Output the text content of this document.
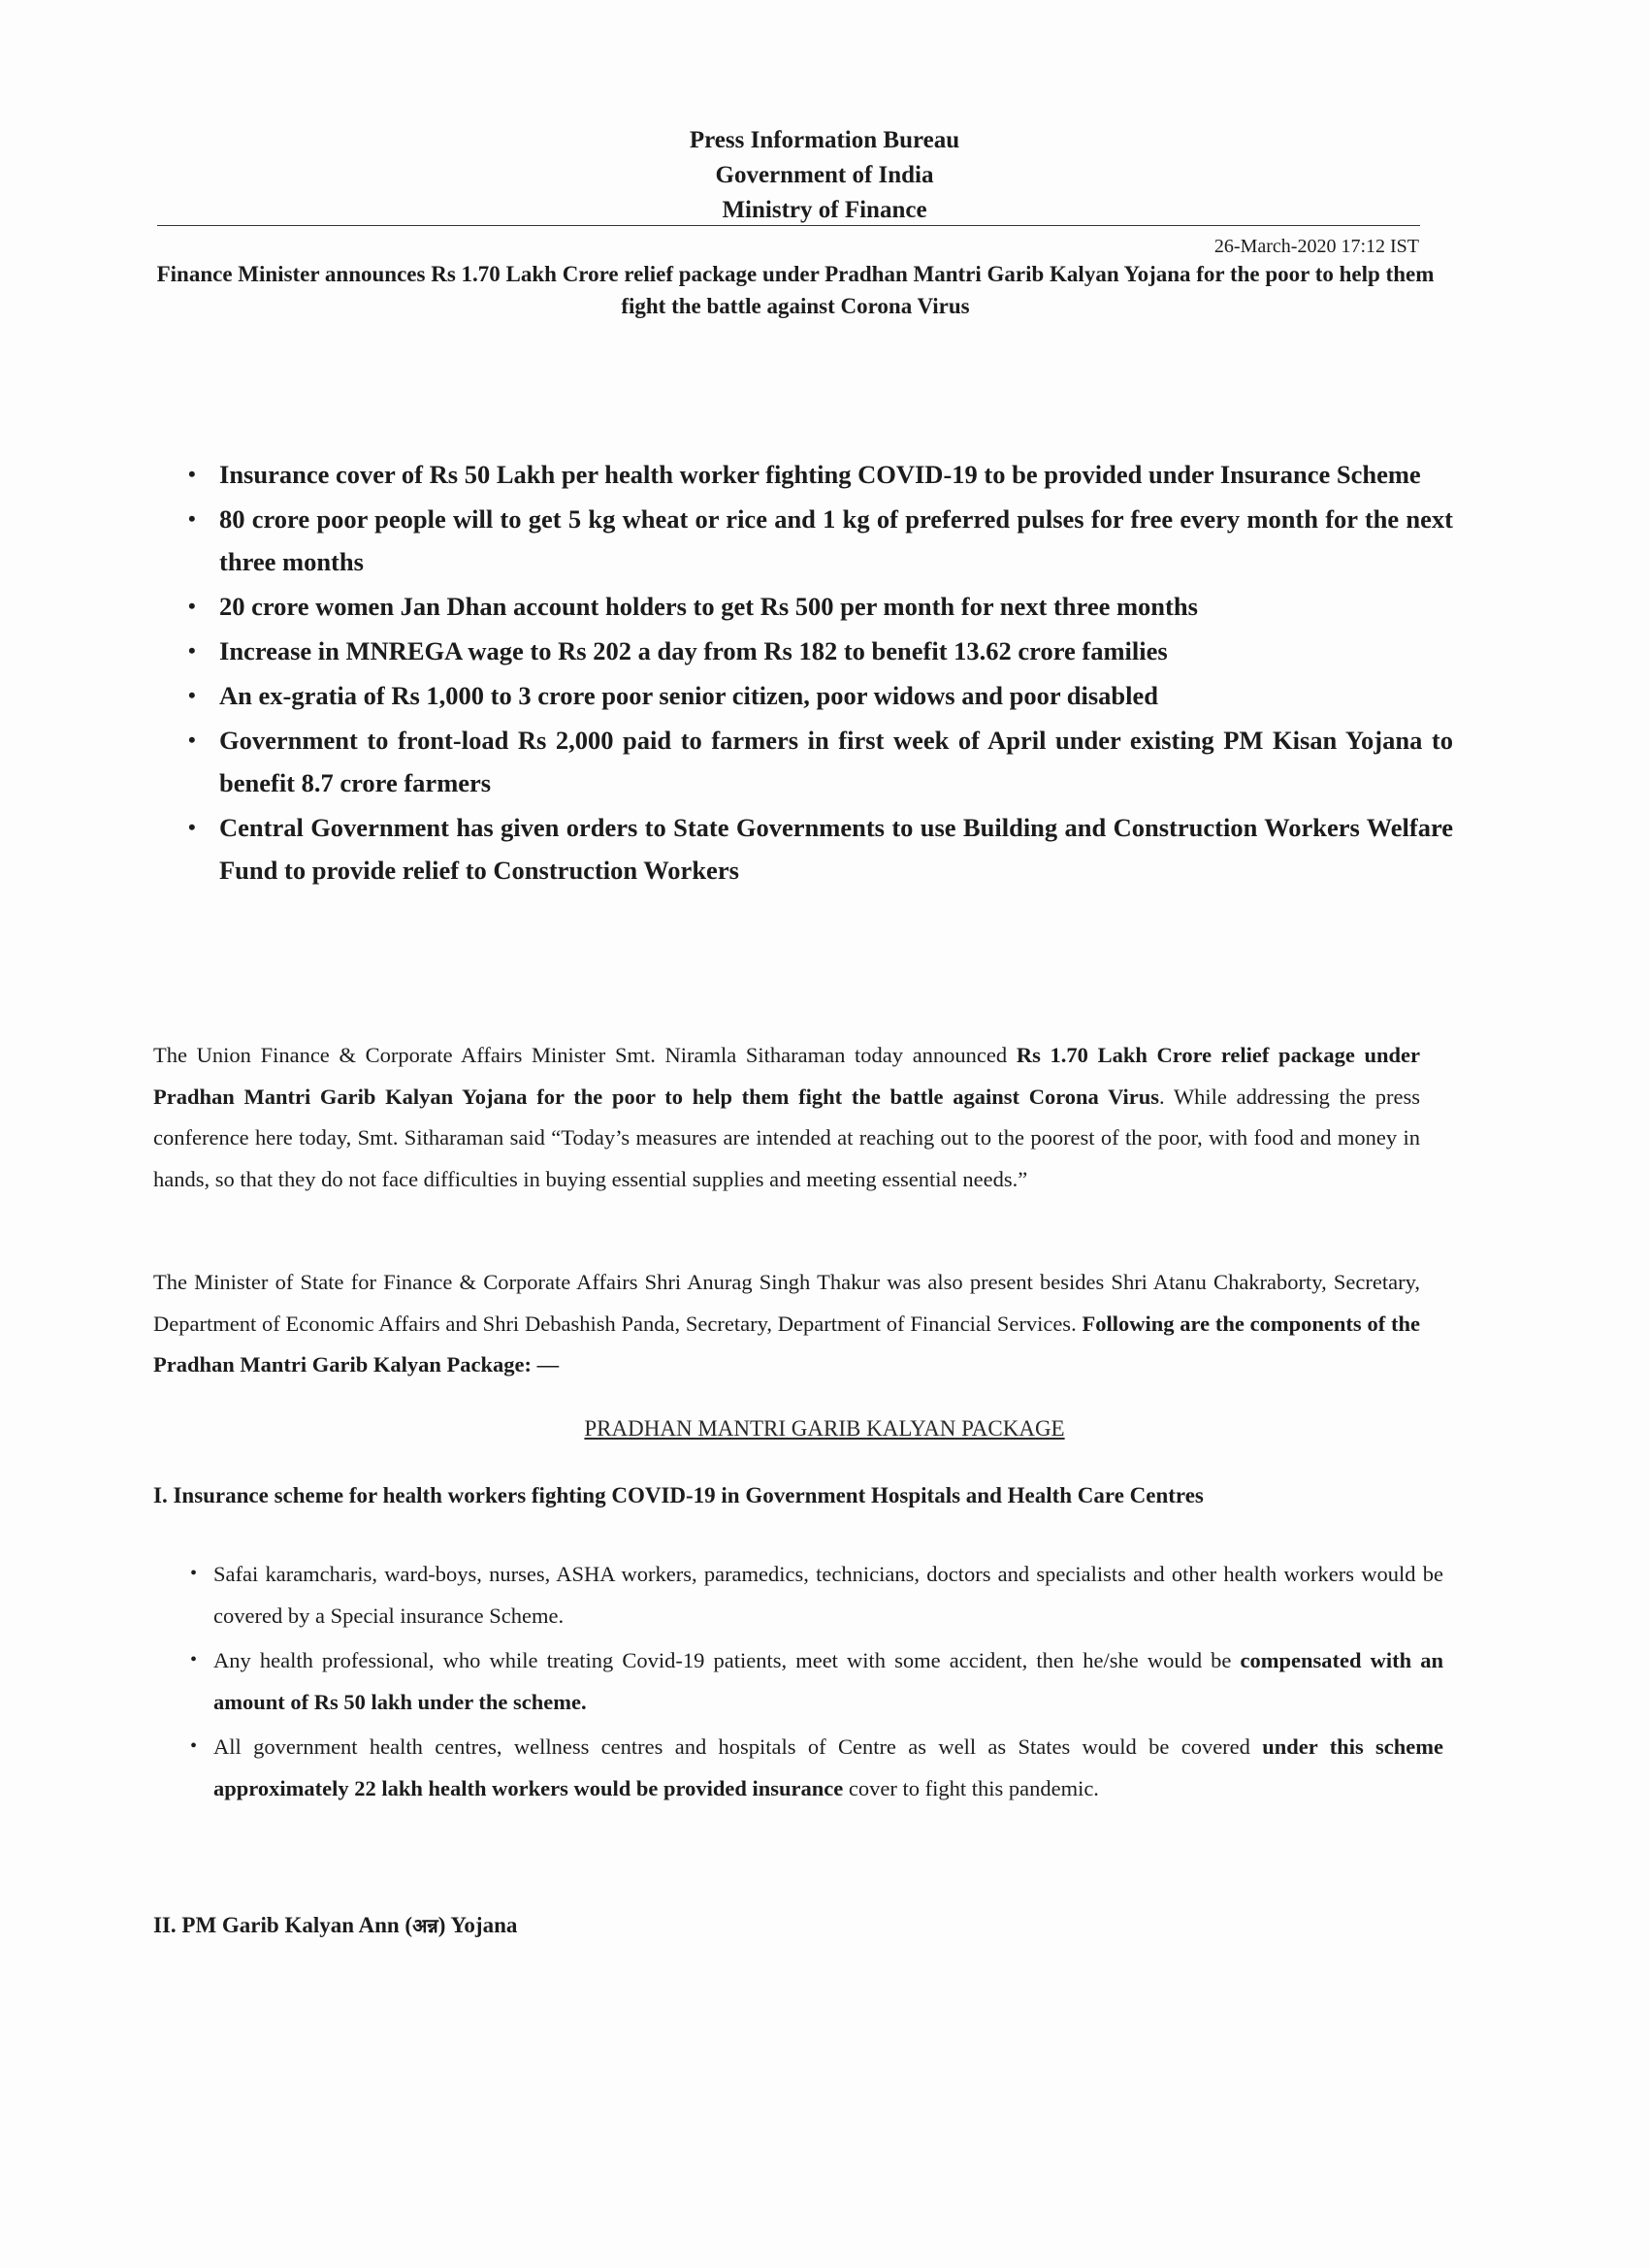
Press Information Bureau
Government of India
Ministry of Finance
26-March-2020 17:12 IST
Finance Minister announces Rs 1.70 Lakh Crore relief package under Pradhan Mantri Garib Kalyan Yojana for the poor to help them fight the battle against Corona Virus
• Insurance cover of Rs 50 Lakh per health worker fighting COVID-19 to be provided under Insurance Scheme
• 80 crore poor people will to get 5 kg wheat or rice and 1 kg of preferred pulses for free every month for the next three months
• 20 crore women Jan Dhan account holders to get Rs 500 per month for next three months
• Increase in MNREGA wage to Rs 202 a day from Rs 182 to benefit 13.62 crore families
• An ex-gratia of Rs 1,000 to 3 crore poor senior citizen, poor widows and poor disabled
• Government to front-load Rs 2,000 paid to farmers in first week of April under existing PM Kisan Yojana to benefit 8.7 crore farmers
• Central Government has given orders to State Governments to use Building and Construction Workers Welfare Fund to provide relief to Construction Workers

The Union Finance & Corporate Affairs Minister Smt. Niramla Sitharaman today announced Rs 1.70 Lakh Crore relief package under Pradhan Mantri Garib Kalyan Yojana for the poor to help them fight the battle against Corona Virus. While addressing the press conference here today, Smt. Sitharaman said “Today’s measures are intended at reaching out to the poorest of the poor, with food and money in hands, so that they do not face difficulties in buying essential supplies and meeting essential needs.”

The Minister of State for Finance & Corporate Affairs Shri Anurag Singh Thakur was also present besides Shri Atanu Chakraborty, Secretary, Department of Economic Affairs and Shri Debashish Panda, Secretary, Department of Financial Services. Following are the components of the Pradhan Mantri Garib Kalyan Package: —

PRADHAN MANTRI GARIB KALYAN PACKAGE
I. Insurance scheme for health workers fighting COVID-19 in Government Hospitals and Health Care Centres
• Safai karamcharis, ward-boys, nurses, ASHA workers, paramedics, technicians, doctors and specialists and other health workers would be covered by a Special insurance Scheme.
• Any health professional, who while treating Covid-19 patients, meet with some accident, then he/she would be compensated with an amount of Rs 50 lakh under the scheme.
• All government health centres, wellness centres and hospitals of Centre as well as States would be covered under this scheme approximately 22 lakh health workers would be provided insurance cover to fight this pandemic.
II. PM Garib Kalyan Ann (अन्न) Yojana
